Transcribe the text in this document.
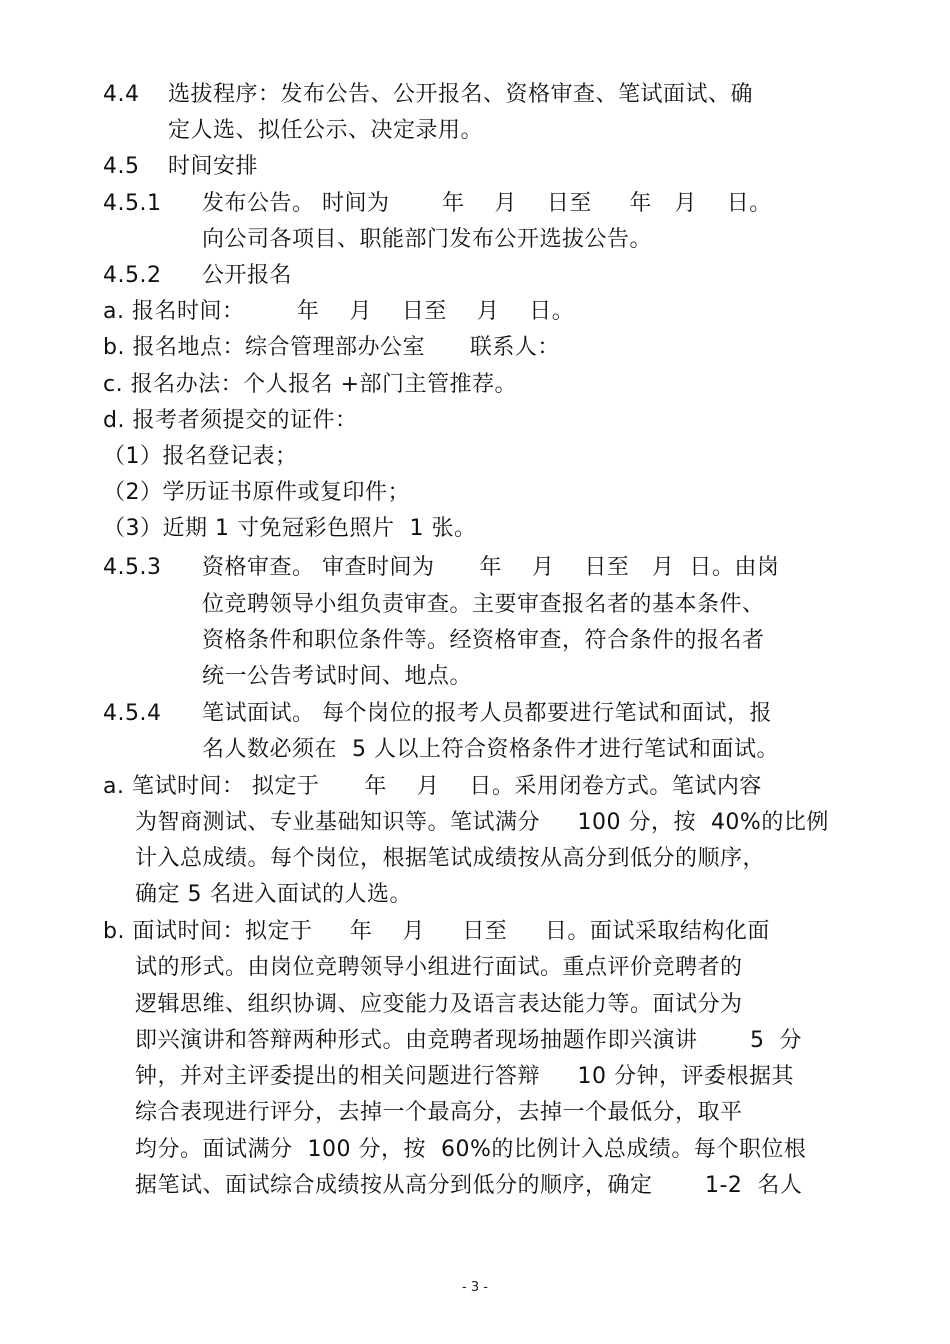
4.4 选拔程序：发布公告、公开报名、资格审查、笔试面试、确
定人选、拟任公示、决定录用。
4.5 时间安排
4.5.1 发布公告。 时间为       年    月    日至     年   月    日。
向公司各项目、职能部门发布公开选拔公告。
4.5.2 公开报名
a. 报名时间：       年    月    日至    月    日。
b. 报名地点：综合管理部办公室      联系人：
c. 报名办法：个人报名 +部门主管推荐。
d. 报考者须提交的证件：
（1）报名登记表；
（2）学历证书原件或复印件；
（3）近期 1 寸免冠彩色照片  1 张。
4.5.3 资格审查。 审查时间为      年    月    日至   月  日。由岗
位竞聘领导小组负责审查。主要审查报名者的基本条件、
资格条件和职位条件等。经资格审查，符合条件的报名者
统一公告考试时间、地点。
4.5.4 笔试面试。 每个岗位的报考人员都要进行笔试和面试，报
名人数必须在  5 人以上符合资格条件才进行笔试和面试。
a. 笔试时间： 拟定于      年    月    日。采用闭卷方式。笔试内容
为智商测试、专业基础知识等。笔试满分     100 分，按  40%的比例
计入总成绩。每个岗位，根据笔试成绩按从高分到低分的顺序，
确定 5 名进入面试的人选。
b. 面试时间：拟定于     年    月     日至     日。面试采取结构化面
试的形式。由岗位竞聘领导小组进行面试。重点评价竞聘者的
逻辑思维、组织协调、应变能力及语言表达能力等。面试分为
即兴演讲和答辩两种形式。由竞聘者现场抽题作即兴演讲       5  分
钟，并对主评委提出的相关问题进行答辩     10 分钟，评委根据其
综合表现进行评分，去掉一个最高分，去掉一个最低分，取平
均分。面试满分  100 分，按  60%的比例计入总成绩。每个职位根
据笔试、面试综合成绩按从高分到低分的顺序，确定       1-2  名人
- 3 -
